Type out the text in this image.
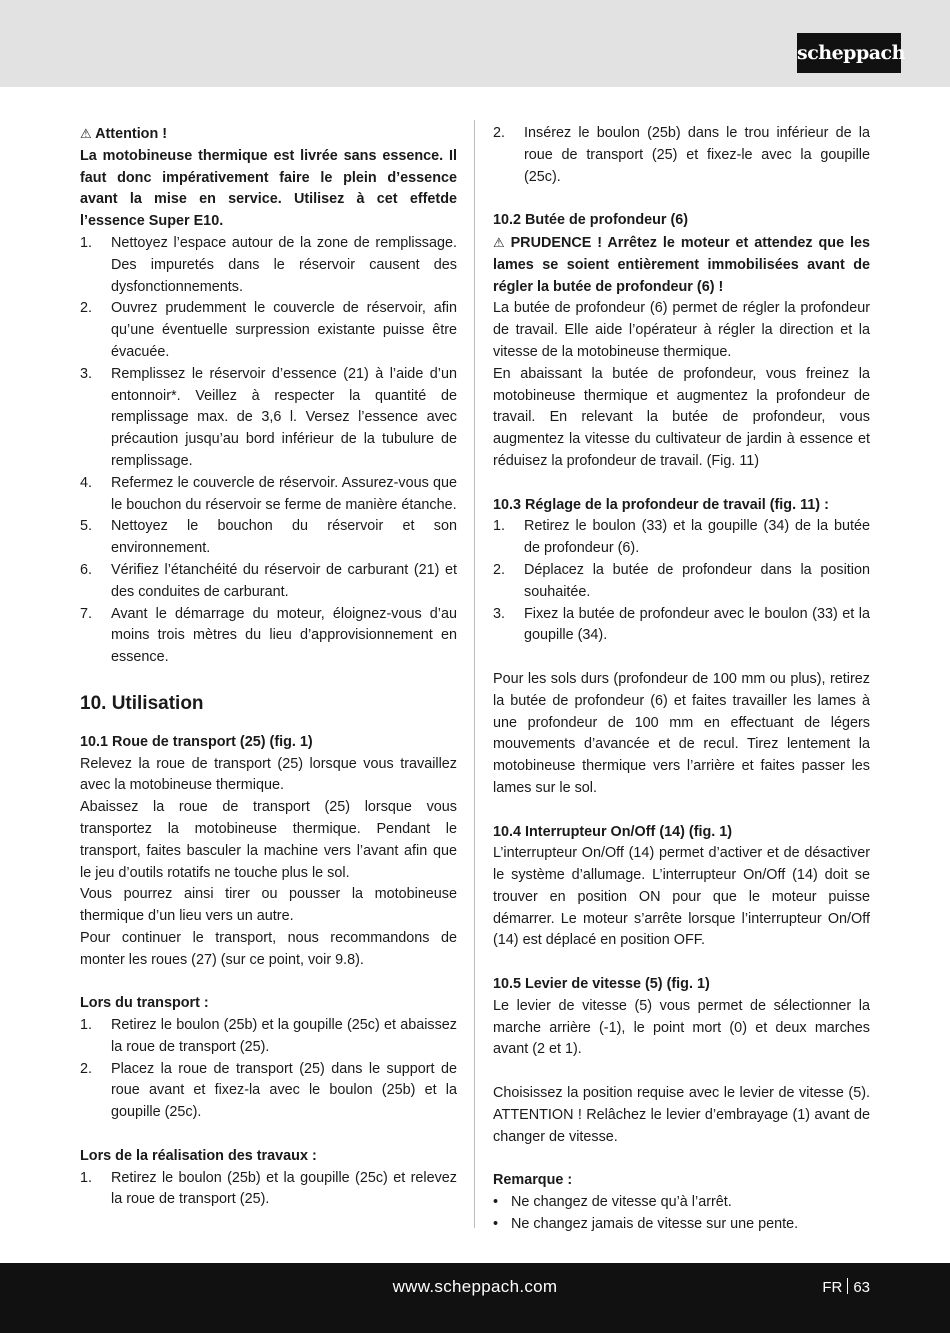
scheppach

⚠ Attention !

La motobineuse thermique est livrée sans essence. Il faut donc impérativement faire le plein d’essence avant la mise en service. Utilisez à cet effetde l’essence Super E10.

1. Nettoyez l’espace autour de la zone de remplissage. Des impuretés dans le réservoir causent des dysfonctionnements.
2. Ouvrez prudemment le couvercle de réservoir, afin qu’une éventuelle surpression existante puisse être évacuée.
3. Remplissez le réservoir d’essence (21) à l’aide d’un entonnoir*. Veillez à respecter la quantité de remplissage max. de 3,6 l. Versez l’essence avec précaution jusqu’au bord inférieur de la tubulure de remplissage.
4. Refermez le couvercle de réservoir. Assurez-vous que le bouchon du réservoir se ferme de manière étanche.
5. Nettoyez le bouchon du réservoir et son environnement.
6. Vérifiez l’étanchéité du réservoir de carburant (21) et des conduites de carburant.
7. Avant le démarrage du moteur, éloignez-vous d’au moins trois mètres du lieu d’approvisionnement en essence.

10. Utilisation

10.1 Roue de transport (25) (fig. 1)

Relevez la roue de transport (25) lorsque vous travaillez avec la motobineuse thermique.

Abaissez la roue de transport (25) lorsque vous transportez la motobineuse thermique. Pendant le transport, faites basculer la machine vers l’avant afin que le jeu d’outils rotatifs ne touche plus le sol.

Vous pourrez ainsi tirer ou pousser la motobineuse thermique d’un lieu vers un autre.

Pour continuer le transport, nous recommandons de monter les roues (27) (sur ce point, voir 9.8).

Lors du transport :

1. Retirez le boulon (25b) et la goupille (25c) et abaissez la roue de transport (25).
2. Placez la roue de transport (25) dans le support de roue avant et fixez-la avec le boulon (25b) et la goupille (25c).

Lors de la réalisation des travaux :

1. Retirez le boulon (25b) et la goupille (25c) et relevez la roue de transport (25).
2. Insérez le boulon (25b) dans le trou inférieur de la roue de transport (25) et fixez-le avec la goupille (25c).

10.2 Butée de profondeur (6)

⚠ PRUDENCE ! Arrêtez le moteur et attendez que les lames se soient entièrement immobilisées avant de régler la butée de profondeur (6) !

La butée de profondeur (6) permet de régler la profondeur de travail. Elle aide l’opérateur à régler la direction et la vitesse de la motobineuse thermique.

En abaissant la butée de profondeur, vous freinez la motobineuse thermique et augmentez la profondeur de travail. En relevant la butée de profondeur, vous augmentez la vitesse du cultivateur de jardin à essence et réduisez la profondeur de travail. (Fig. 11)

10.3 Réglage de la profondeur de travail (fig. 11) :

1. Retirez le boulon (33) et la goupille (34) de la butée de profondeur (6).
2. Déplacez la butée de profondeur dans la position souhaitée.
3. Fixez la butée de profondeur avec le boulon (33) et la goupille (34).

Pour les sols durs (profondeur de 100 mm ou plus), retirez la butée de profondeur (6) et faites travailler les lames à une profondeur de 100 mm en effectuant de légers mouvements d’avancée et de recul. Tirez lentement la motobineuse thermique vers l’arrière et faites passer les lames sur le sol.

10.4 Interrupteur On/Off (14) (fig. 1)

L’interrupteur On/Off (14) permet d’activer et de désactiver le système d’allumage. L’interrupteur On/Off (14) doit se trouver en position ON pour que le moteur puisse démarrer. Le moteur s’arrête lorsque l’interrupteur On/Off (14) est déplacé en position OFF.

10.5 Levier de vitesse (5) (fig. 1)

Le levier de vitesse (5) vous permet de sélectionner la marche arrière (-1), le point mort (0) et deux marches avant (2 et 1).

Choisissez la position requise avec le levier de vitesse (5). ATTENTION ! Relâchez le levier d’embrayage (1) avant de changer de vitesse.

Remarque :

• Ne changez de vitesse qu’à l’arrêt.
• Ne changez jamais de vitesse sur une pente.
www.scheppach.com	FR 63
